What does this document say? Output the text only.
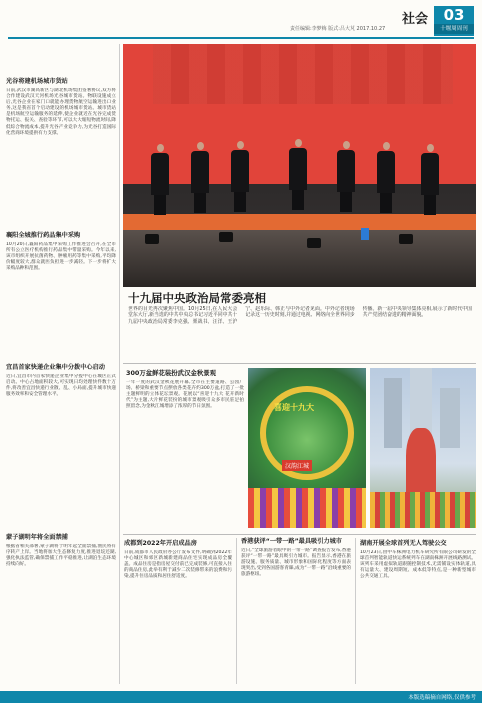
社会
责任编辑:李梦梅 版式:吕大芃 2017.10.27
03
十堰周周刊
光谷将建机场城市货站
日前,武汉市湖高新区与湖北机场集团签署协议,双方将合作建设武汉天河机场光谷城市货站。物联设施成立后,光谷企业在家门口就能办理货物航空运输进出口业务,这是我省首个启动建设的机场城市货站。城市货站是机场航空运输服务的延伸,使企业就近在光谷完成货物托运、报关、查验等环节,可以大大缩短物流时间,降低综合物流成本,提升光谷产业竞争力,为光谷打造国际化营商环境提供有力支撑。
襄阳全城推行药品集中采购
10月20日,襄阳药品集中采购工作推进会召开,在全市所有公立医疗机构推行药品集中带量采购。今年以来,该市组织开展抗菌药物、肿瘤用药等集中采购,平均降价幅度较大,群众就医负担进一步减轻。下一步将扩大采购品种和范围。
宜昌首家快递企业集中分拨中心启动
近日,宜昌市内首家快递企业集中分拨中心在城区正式启动。中心占地面积较大,可实现日均处理快件数十万件,将改善宜昌快递行业散、乱、小局面,提升城市快递服务效率和安全管理水平。
蒙子湖明年将全面禁捕
根据省相关部署,蒙子湖将于明年起全面禁捕,渔民将有序转产上岸。当地将加大生态修复力度,推进退垸还湖,强化执法监管,确保禁捕工作平稳推进,让湖泊生态环境持续向好。
十九届中央政治局常委亮相
世界的目光再次聚焦中国。10月25日,在人民大会堂东大厅,新当选的中共中央总书记习近平同中共十九届中央政治局常委李克强、栗战书、汪洋、王沪宁、赵乐际、韩正与中外记者见面。中外记者现场记录这一历史时刻,并通过电视、网络向全世界同步传播。新一届中央领导集体亮相,展示了新时代中国共产党团结奋进的精神面貌。
300万盆鲜花装扮武汉金秋景观
一年一度的武汉金秋花展开幕,全市在主要道路、公园广场、桥梁和重要节点摆放各类花卉约300万盆,打造了一批主题鲜明的立体花坛景观。花展以“喜迎十九大 花开新时代”为主题,大片鲜花装扮的城市景观吸引众多市民驻足拍照留念,为金秋江城增添了浓厚的节日氛围。	喜迎十九大
汉韵江城
成都到2022年开启成品房
日前,成都市人民政府办公厅发布文件,明确到2022年中心城区和郊区新城新建商品住宅实现成品房全覆盖。成品住房是指房屋交付前已完成装修,可直接入住的商品住房,此举有利于减少二次装修带来的浪费和污染,提升住房品质和居住舒适度。
香港获评“一带一路”最具吸引力城市
近日,“全球旅游者眼中的一带一路”调查报告发布,香港获评“一带一路”最具吸引力城市。报告显示,香港在旅游设施、服务质量、城市形象和国际化程度等方面表现突出,受到各国游客青睐,成为“一带一路”沿线重要的旅游枢纽。
湖南开展全球首列无人驾驶公交
10月23日,由中车株洲电力机车研究所有限公司研发的全球首列智能轨道快运系统列车在湖南株洲开展线路测试。该列车采用虚拟轨道跟随控制技术,无需铺设实体轨道,具有运量大、建设周期短、成本低等特点,是一种新型城市公共交通工具。
本版选稿摘自网络,仅供参考
